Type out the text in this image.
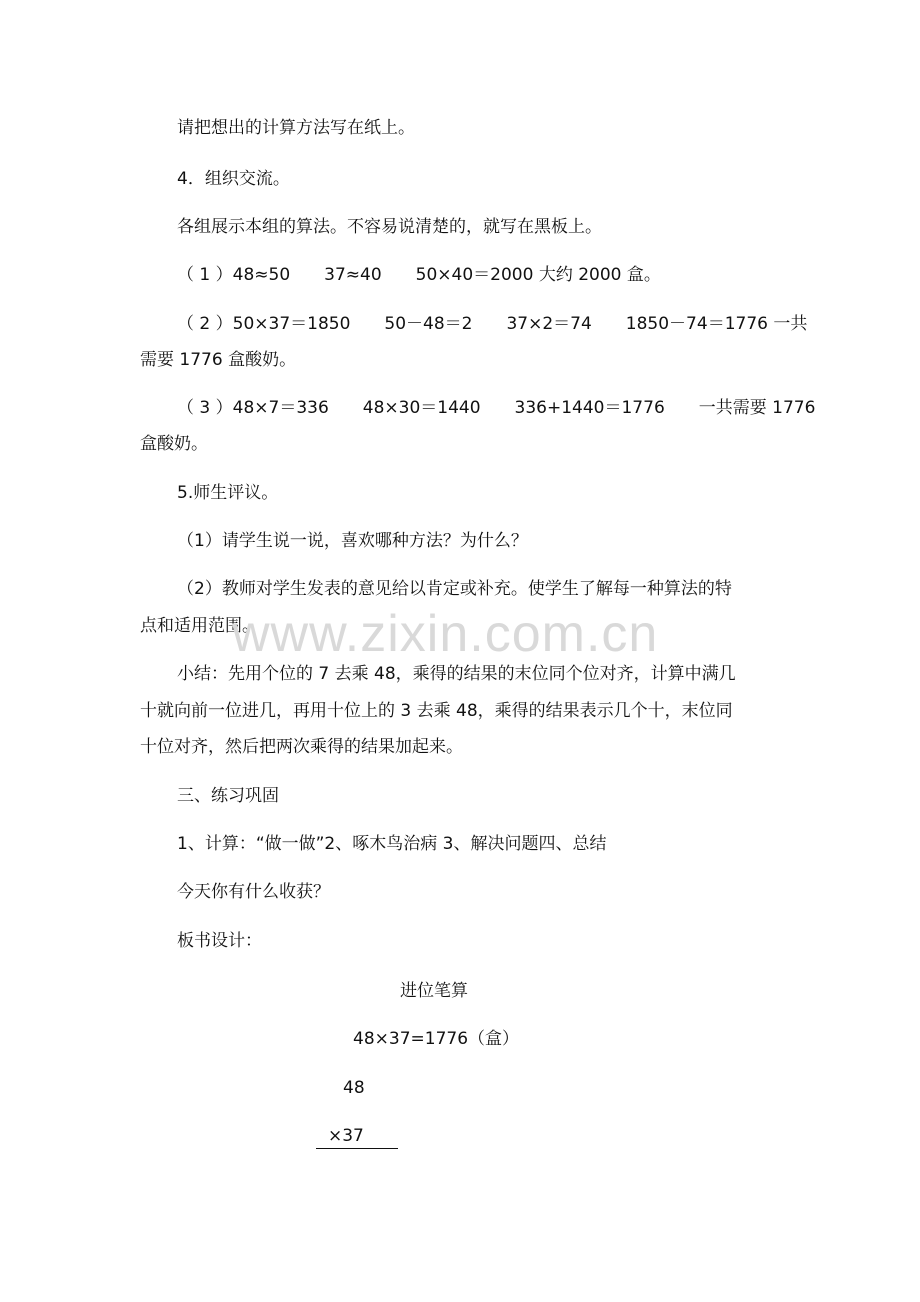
请把想出的计算方法写在纸上。

4．组织交流。

各组展示本组的算法。不容易说清楚的，就写在黑板上。

（ 1 ）48≈50　　37≈40　　50×40＝2000 大约 2000 盒。

（ 2 ）50×37＝1850　　50－48＝2　　37×2＝74　　1850－74＝1776 一共

需要 1776 盒酸奶。

（ 3 ）48×7＝336　　48×30＝1440　　336+1440＝1776　　一共需要 1776

盒酸奶。

5.师生评议。

（1）请学生说一说，喜欢哪种方法？为什么？

（2）教师对学生发表的意见给以肯定或补充。使学生了解每一种算法的特

点和适用范围。

www.zixin.com.cn

小结：先用个位的 7 去乘 48，乘得的结果的末位同个位对齐，计算中满几

十就向前一位进几，再用十位上的 3 去乘 48，乘得的结果表示几个十，末位同

十位对齐，然后把两次乘得的结果加起来。

三、练习巩固

1、计算：“做一做”2、啄木鸟治病 3、解决问题四、总结

今天你有什么收获？

板书设计：

进位笔算

48×37=1776（盒）

48

×37
